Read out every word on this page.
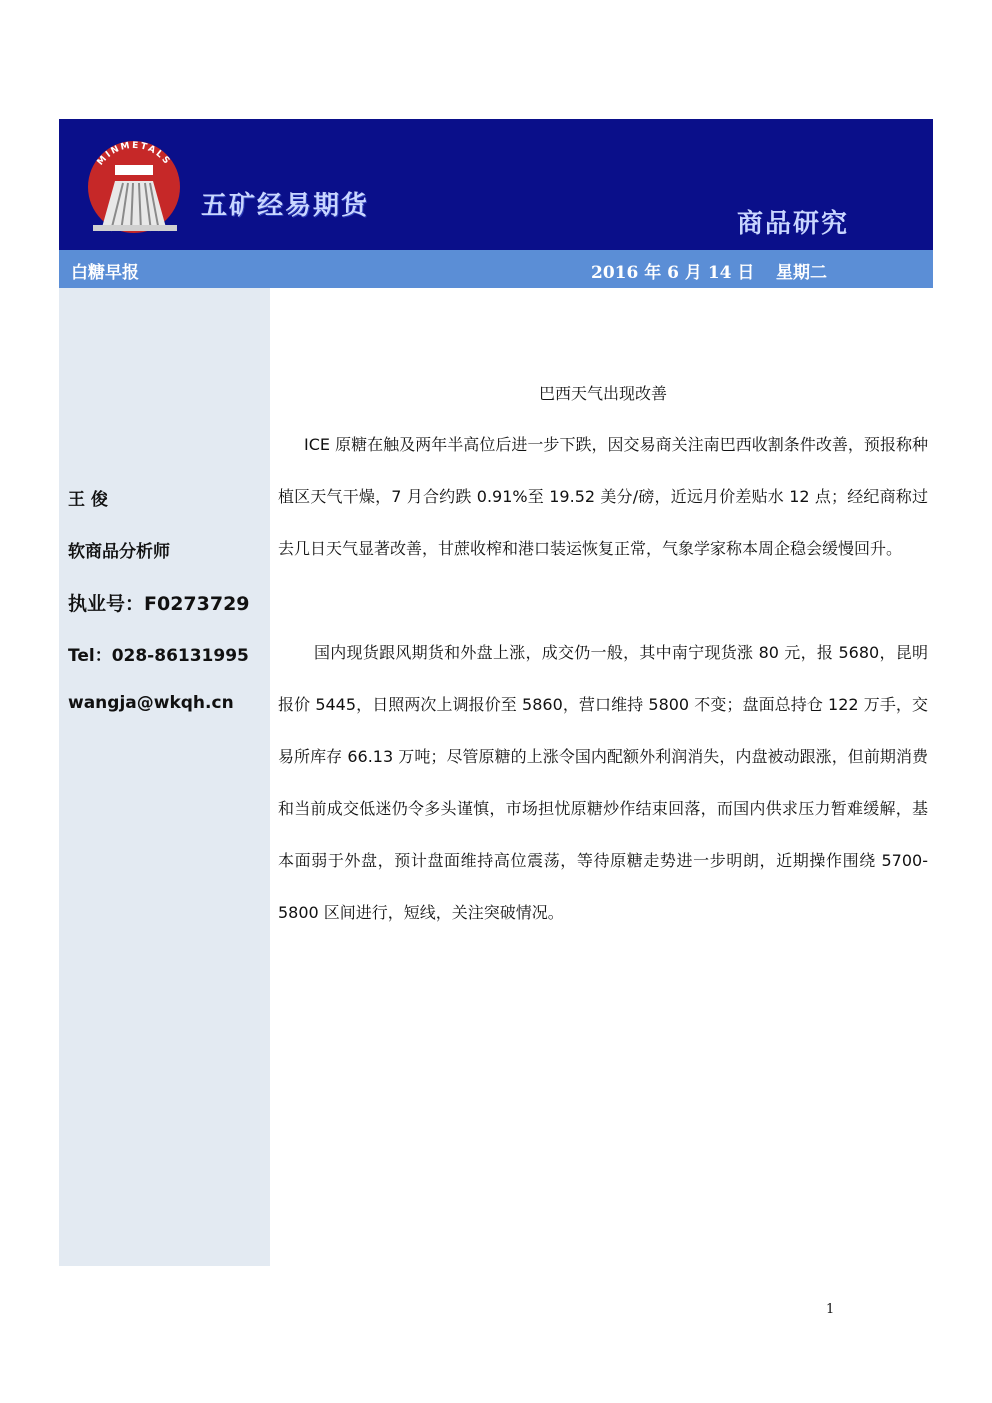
MINMETALS
五矿经易期货
商品研究
白糖早报	2016 年 6 月 14 日 星期二
王 俊
软商品分析师
执业号：F0273729
Tel：028-86131995
wangja@wkqh.cn
巴西天气出现改善

ICE 原糖在触及两年半高位后进一步下跌，因交易商关注南巴西收割条件改善，预报称种植区天气干燥，7 月合约跌 0.91%至 19.52 美分/磅，近远月价差贴水 12 点；经纪商称过去几日天气显著改善，甘蔗收榨和港口装运恢复正常，气象学家称本周企稳会缓慢回升。

国内现货跟风期货和外盘上涨，成交仍一般，其中南宁现货涨 80 元，报 5680，昆明报价 5445，日照两次上调报价至 5860，营口维持 5800 不变；盘面总持仓 122 万手，交易所库存 66.13 万吨；尽管原糖的上涨令国内配额外利润消失，内盘被动跟涨，但前期消费和当前成交低迷仍令多头谨慎，市场担忧原糖炒作结束回落，而国内供求压力暂难缓解，基本面弱于外盘，预计盘面维持高位震荡，等待原糖走势进一步明朗，近期操作围绕 5700-5800 区间进行，短线，关注突破情况。

1
